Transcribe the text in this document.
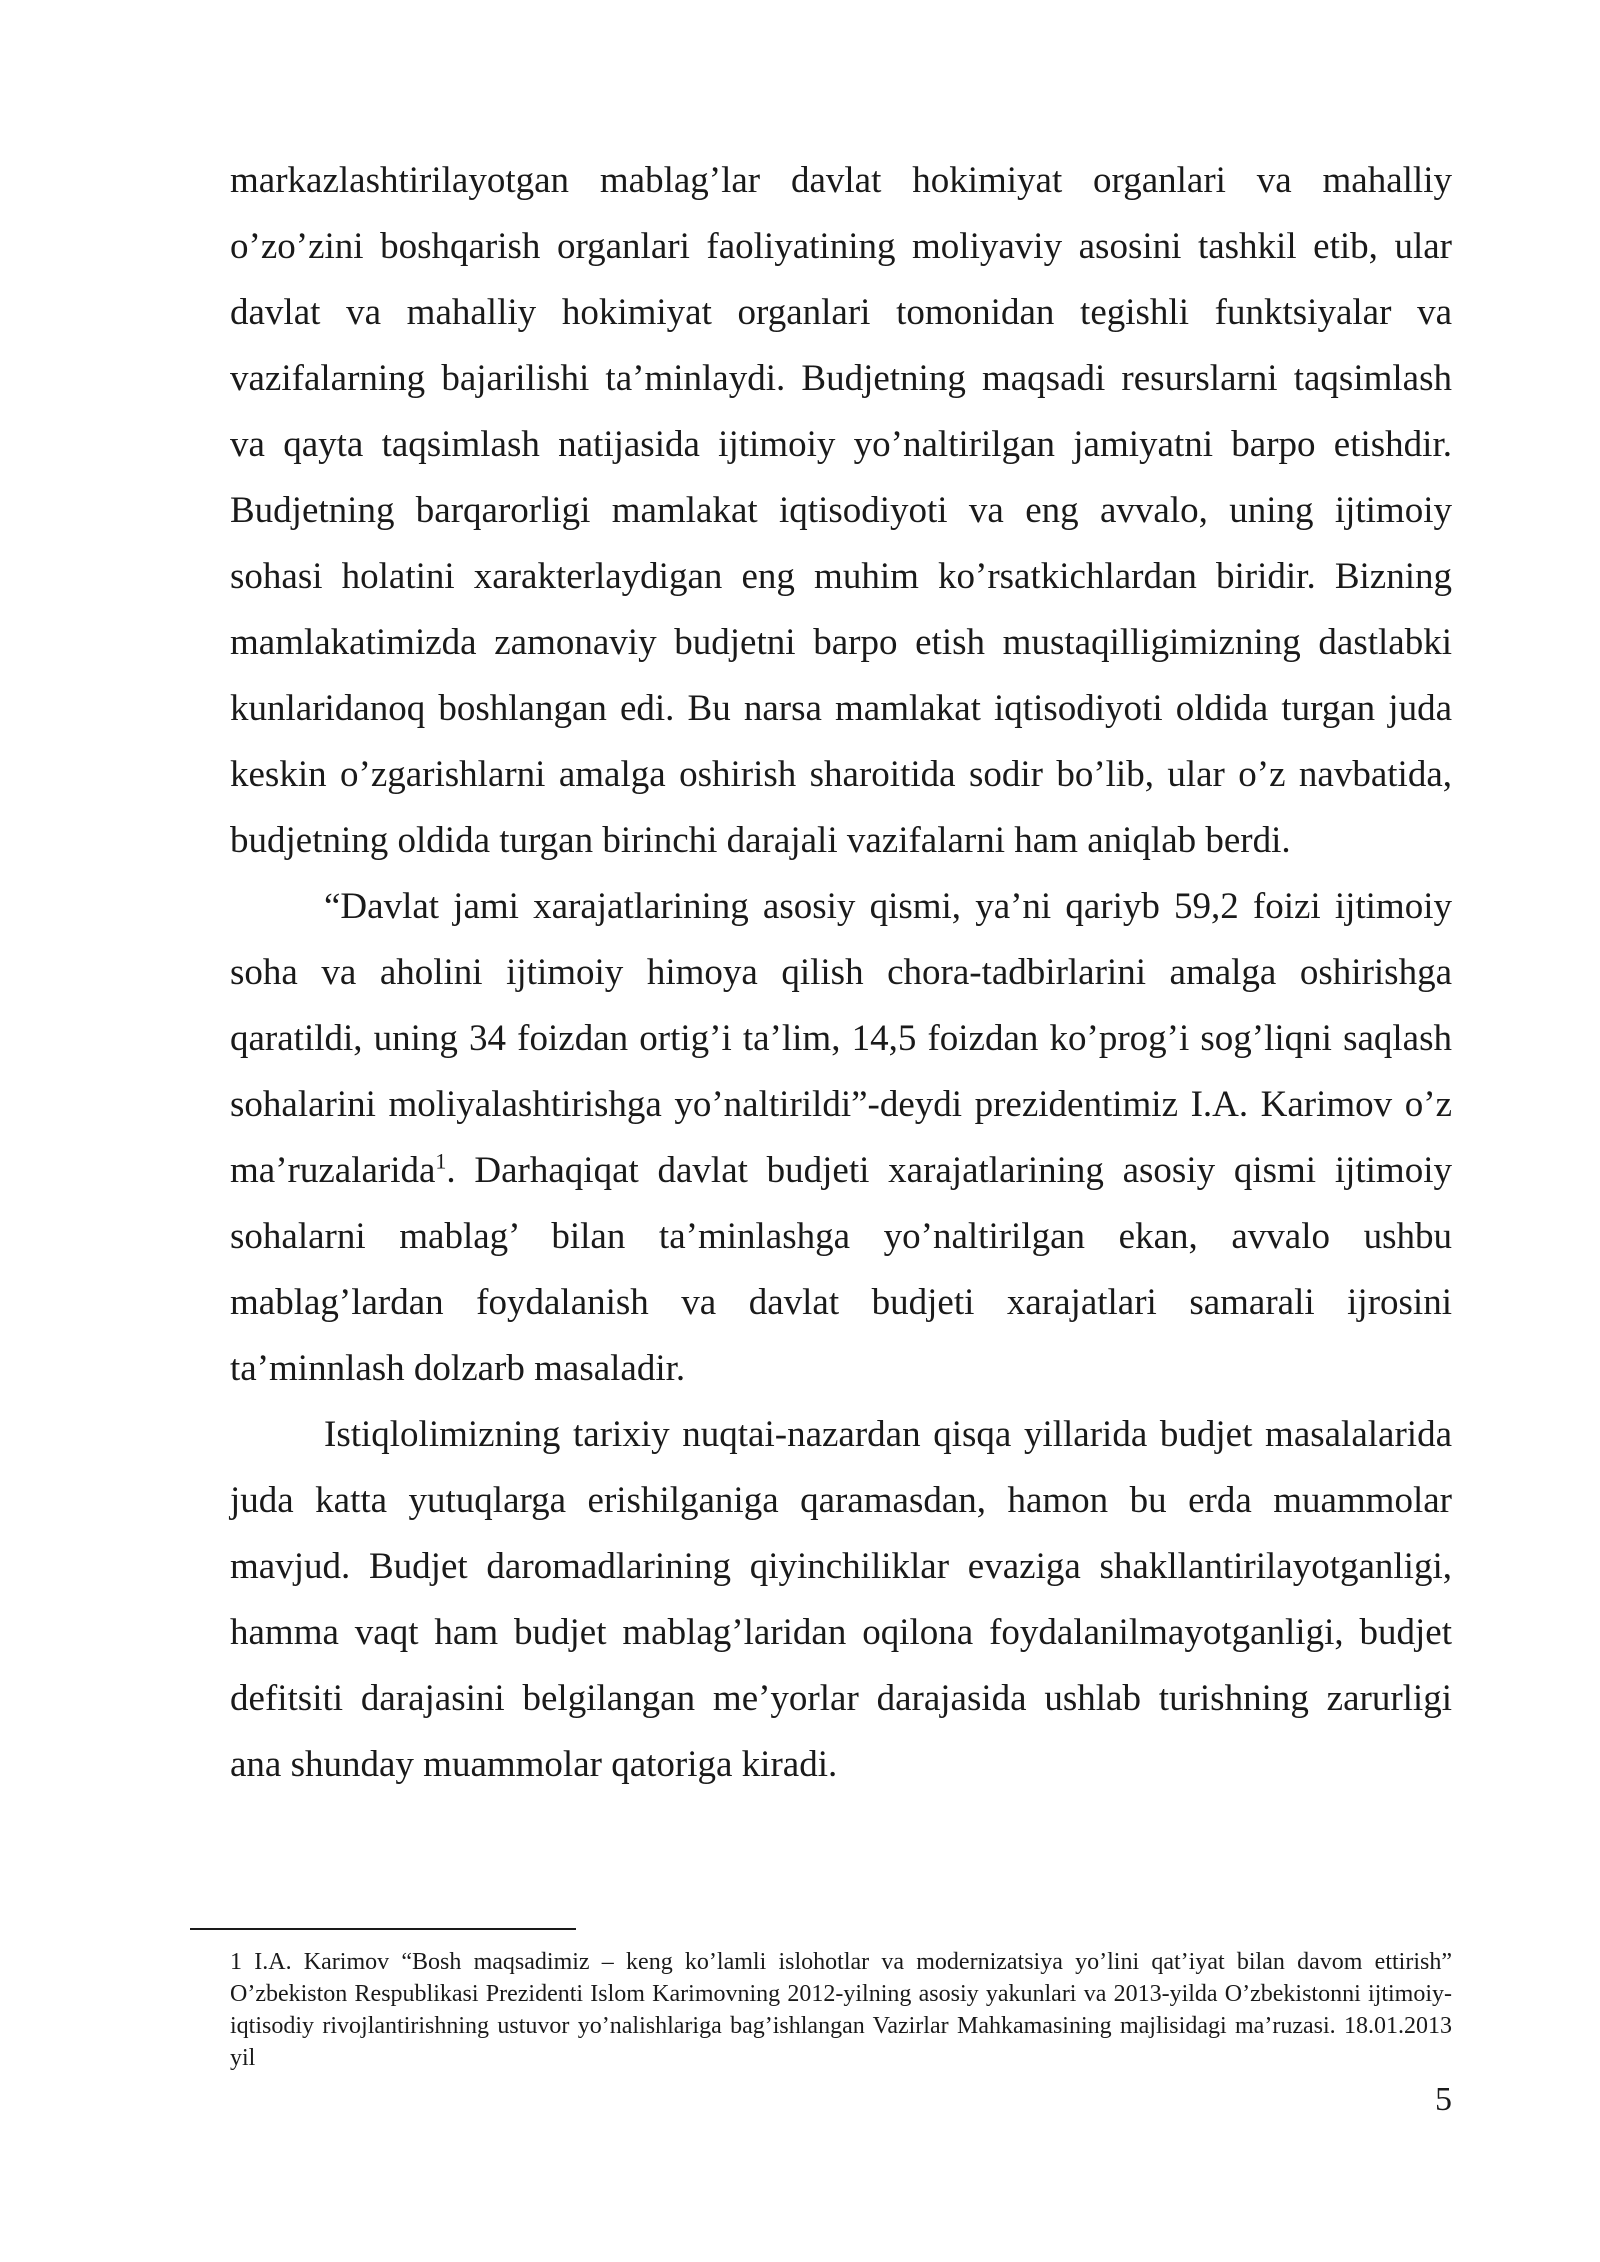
markazlashtirilayotgan mablag’lar davlat hokimiyat organlari va mahalliy o’zo’zini boshqarish organlari faoliyatining moliyaviy asosini tashkil etib, ular davlat va mahalliy hokimiyat organlari tomonidan tegishli funktsiyalar va vazifalarning bajarilishi ta’minlaydi. Budjetning maqsadi resurslarni taqsimlash va qayta taqsimlash natijasida ijtimoiy yo’naltirilgan jamiyatni barpo etishdir. Budjetning barqarorligi mamlakat iqtisodiyoti va eng avvalo, uning ijtimoiy sohasi holatini xarakterlaydigan eng muhim ko’rsatkichlardan biridir. Bizning mamlakatimizda zamonaviy budjetni barpo etish mustaqilligimizning dastlabki kunlaridanoq boshlangan edi. Bu narsa mamlakat iqtisodiyoti oldida turgan juda keskin o’zgarishlarni amalga oshirish sharoitida sodir bo’lib, ular o’z navbatida, budjetning oldida turgan birinchi darajali vazifalarni ham aniqlab berdi.

“Davlat jami xarajatlarining asosiy qismi, ya’ni qariyb 59,2 foizi ijtimoiy soha va aholini ijtimoiy himoya qilish chora-tadbirlarini amalga oshirishga qaratildi, uning 34 foizdan ortig’i ta’lim, 14,5 foizdan ko’prog’i sog’liqni saqlash sohalarini moliyalashtirishga yo’naltirildi”-deydi prezidentimiz I.A. Karimov o’z ma’ruzalarida$^1$. Darhaqiqat davlat budjeti xarajatlarining asosiy qismi ijtimoiy sohalarni mablag’ bilan ta’minlashga yo’naltirilgan ekan, avvalo ushbu mablag’lardan foydalanish va davlat budjeti xarajatlari samarali ijrosini ta’minnlash dolzarb masaladir.

Istiqlolimizning tarixiy nuqtai-nazardan qisqa yillarida budjet masalalarida juda katta yutuqlarga erishilganiga qaramasdan, hamon bu erda muammolar mavjud. Budjet daromadlarining qiyinchiliklar evaziga shakllantirilayotganligi, hamma vaqt ham budjet mablag’laridan oqilona foydalanilmayotganligi, budjet defitsiti darajasini belgilangan me’yorlar darajasida ushlab turishning zarurligi ana shunday muammolar qatoriga kiradi.

1 I.A. Karimov “Bosh maqsadimiz – keng ko’lamli islohotlar va modernizatsiya yo’lini qat’iyat bilan davom ettirish” O’zbekiston Respublikasi Prezidenti Islom Karimovning 2012-yilning asosiy yakunlari va 2013-yilda O’zbekistonni ijtimoiy-iqtisodiy rivojlantirishning ustuvor yo’nalishlariga bag’ishlangan Vazirlar Mahkamasining majlisidagi ma’ruzasi. 18.01.2013 yil

5
